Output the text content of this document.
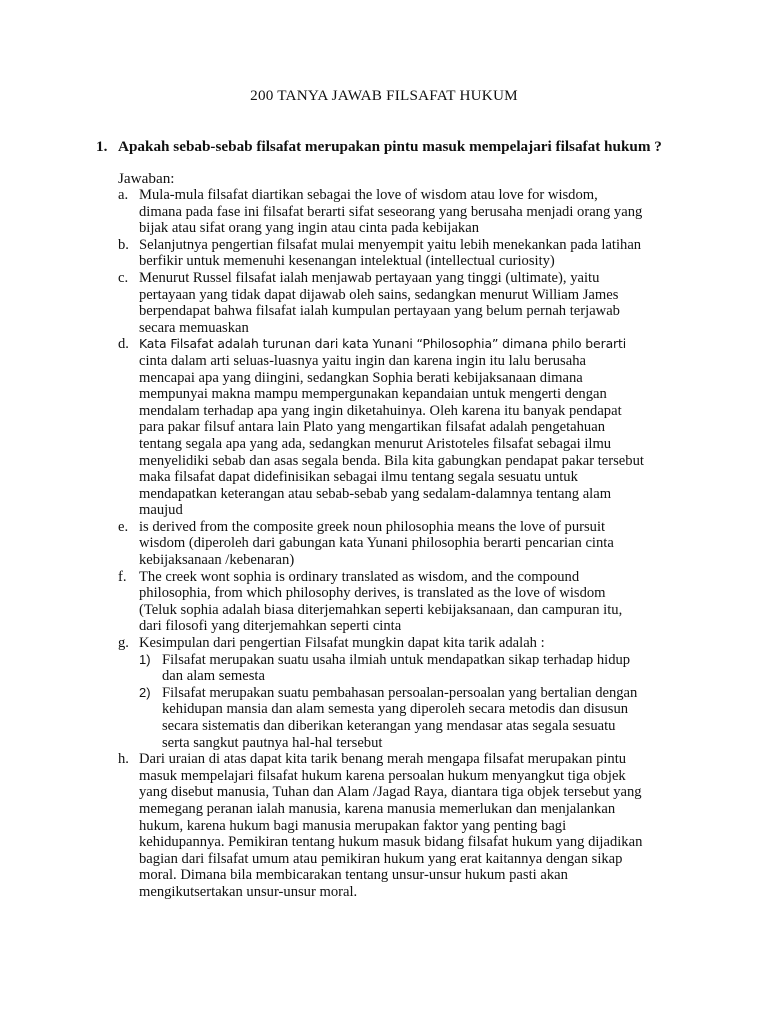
200 TANYA JAWAB FILSAFAT HUKUM
1. Apakah sebab-sebab filsafat merupakan pintu masuk mempelajari filsafat hukum ?
Jawaban:
a. Mula-mula filsafat diartikan sebagai the love of wisdom atau love for wisdom,
dimana pada fase ini filsafat berarti sifat seseorang yang berusaha menjadi orang yang
bijak atau sifat orang yang ingin atau cinta pada kebijakan
b. Selanjutnya pengertian filsafat mulai menyempit yaitu lebih menekankan pada latihan
berfikir untuk memenuhi kesenangan intelektual (intellectual curiosity)
c. Menurut Russel filsafat ialah menjawab pertayaan yang tinggi (ultimate), yaitu
pertayaan yang tidak dapat dijawab oleh sains, sedangkan menurut William James
berpendapat bahwa filsafat ialah kumpulan pertayaan yang belum pernah terjawab
secara memuaskan
d. Kata Filsafat adalah turunan dari kata Yunani “Philosophia” dimana philo berarti
cinta dalam arti seluas-luasnya yaitu ingin dan karena ingin itu lalu berusaha
mencapai apa yang diingini, sedangkan Sophia berati kebijaksanaan dimana
mempunyai makna mampu mempergunakan kepandaian untuk mengerti dengan
mendalam terhadap apa yang ingin diketahuinya. Oleh karena itu banyak pendapat
para pakar filsuf antara lain Plato yang mengartikan filsafat adalah pengetahuan
tentang segala apa yang ada, sedangkan menurut Aristoteles filsafat sebagai ilmu
menyelidiki sebab dan asas segala benda. Bila kita gabungkan pendapat pakar tersebut
maka filsafat dapat didefinisikan sebagai ilmu tentang segala sesuatu untuk
mendapatkan keterangan atau sebab-sebab yang sedalam-dalamnya tentang alam
maujud
e. is derived from the composite greek noun philosophia means the love of pursuit
wisdom (diperoleh dari gabungan kata Yunani philosophia berarti pencarian cinta
kebijaksanaan /kebenaran)
f. The creek wont sophia is ordinary translated as wisdom, and the compound
philosophia, from which philosophy derives, is translated as the love of wisdom
(Teluk sophia adalah biasa diterjemahkan seperti kebijaksanaan, dan campuran itu,
dari filosofi yang diterjemahkan seperti cinta
g. Kesimpulan dari pengertian Filsafat mungkin dapat kita tarik adalah :
1) Filsafat merupakan suatu usaha ilmiah untuk mendapatkan sikap terhadap hidup
dan alam semesta
2) Filsafat merupakan suatu pembahasan persoalan-persoalan yang bertalian dengan
kehidupan mansia dan alam semesta yang diperoleh secara metodis dan disusun
secara sistematis dan diberikan keterangan yang mendasar atas segala sesuatu
serta sangkut pautnya hal-hal tersebut
h. Dari uraian di atas dapat kita tarik benang merah mengapa filsafat merupakan pintu
masuk mempelajari filsafat hukum karena persoalan hukum menyangkut tiga objek
yang disebut manusia, Tuhan dan Alam /Jagad Raya, diantara tiga objek tersebut yang
memegang peranan ialah manusia, karena manusia memerlukan dan menjalankan
hukum, karena hukum bagi manusia merupakan faktor yang penting bagi
kehidupannya. Pemikiran tentang hukum masuk bidang filsafat hukum yang dijadikan
bagian dari filsafat umum atau pemikiran hukum yang erat kaitannya dengan sikap
moral. Dimana bila membicarakan tentang unsur-unsur hukum pasti akan
mengikutsertakan unsur-unsur moral.
